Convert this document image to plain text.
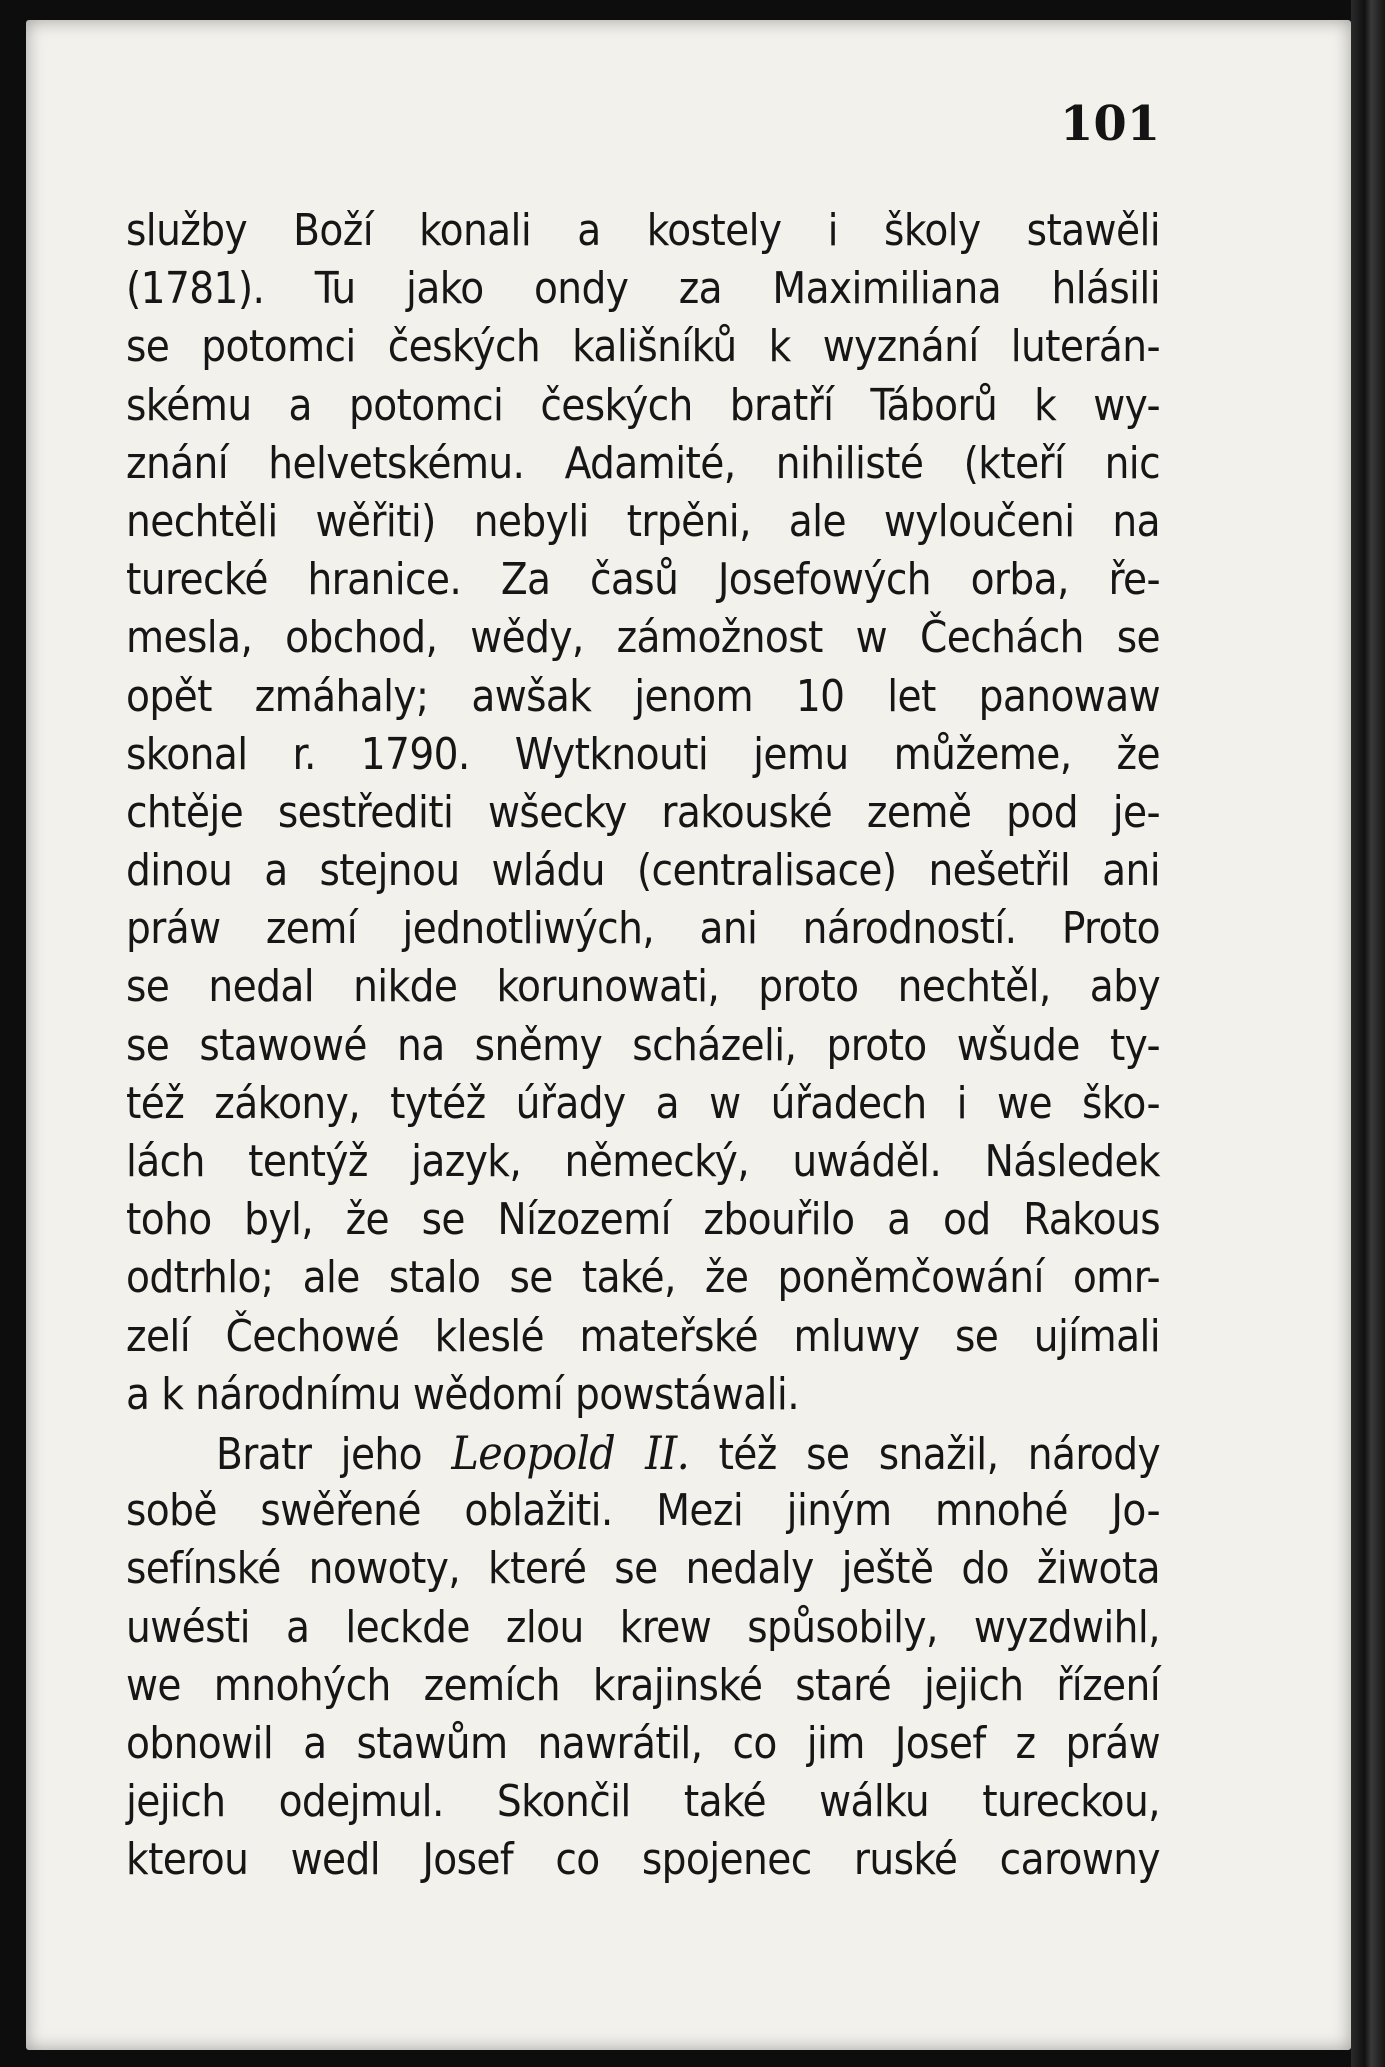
101
služby Boží konali a kostely i školy stawěli
(1781). Tu jako ondy za Maximiliana hlásili
se potomci českých kališníků k wyznání luterán-
skému a potomci českých bratří Táborů k wy-
znání helvetskému. Adamité, nihilisté (kteří nic
nechtěli wěřiti) nebyli trpěni, ale wyloučeni na
turecké hranice. Za časů Josefowých orba, ře-
mesla, obchod, wědy, zámožnost w Čechách se
opět zmáhaly; awšak jenom 10 let panowaw
skonal r. 1790. Wytknouti jemu můžeme, že
chtěje sestřediti wšecky rakouské země pod je-
dinou a stejnou wládu (centralisace) nešetřil ani
práw zemí jednotliwých, ani národností. Proto
se nedal nikde korunowati, proto nechtěl, aby
se stawowé na sněmy scházeli, proto wšude ty-
též zákony, tytéž úřady a w úřadech i we ško-
lách tentýž jazyk, německý, uwáděl. Následek
toho byl, že se Nízozemí zbouřilo a od Rakous
odtrhlo; ale stalo se také, že poněmčowání omr-
zelí Čechowé kleslé mateřské mluwy se ujímali
a k národnímu wědomí powstáwali.
Bratr jeho Leopold II. též se snažil, národy
sobě swěřené oblažiti. Mezi jiným mnohé Jo-
sefínské nowoty, které se nedaly ještě do žiwota
uwésti a leckde zlou krew spůsobily, wyzdwihl,
we mnohých zemích krajinské staré jejich řízení
obnowil a stawům nawrátil, co jim Josef z práw
jejich odejmul. Skončil také wálku tureckou,
kterou wedl Josef co spojenec ruské carowny
